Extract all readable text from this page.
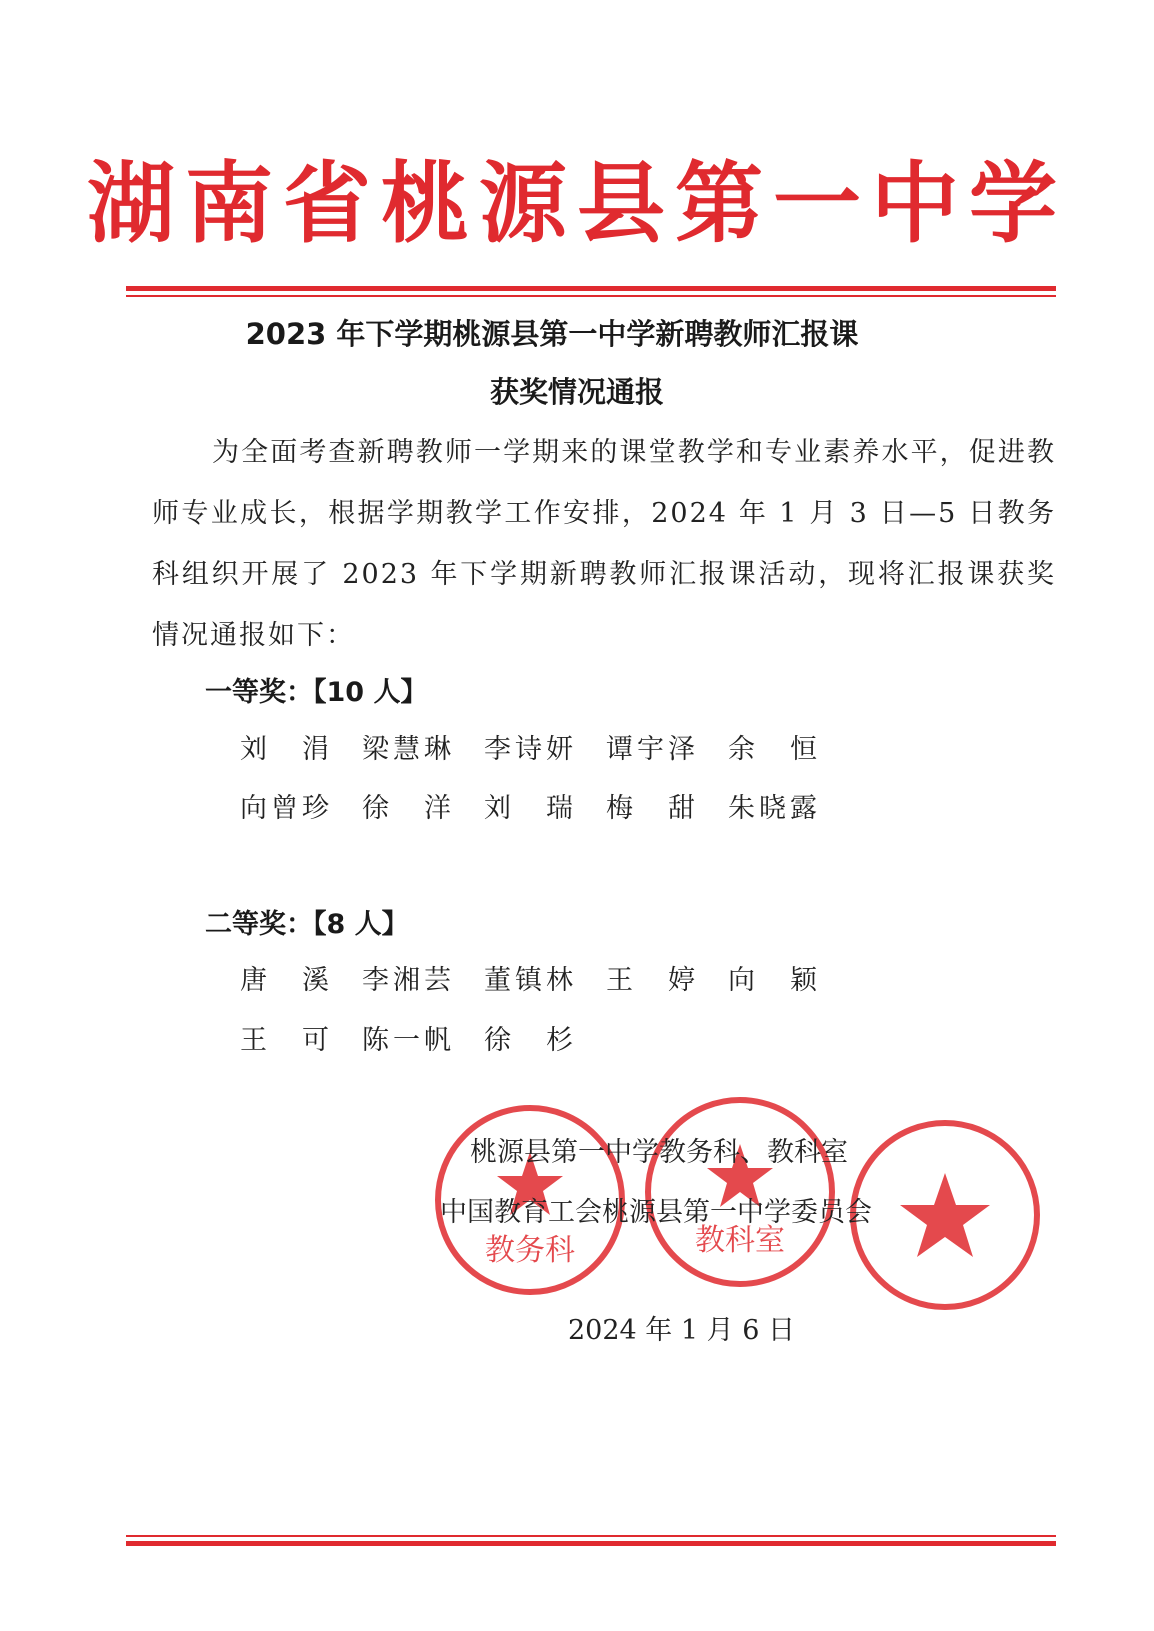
湖南省桃源县第一中学
2023 年下学期桃源县第一中学新聘教师汇报课
获奖情况通报

为全面考查新聘教师一学期来的课堂教学和专业素养水平，促进教师专业成长，根据学期教学工作安排，2024 年 1 月 3 日—5 日教务科组织开展了 2023 年下学期新聘教师汇报课活动，现将汇报课获奖情况通报如下：

一等奖：【10 人】
刘　涓	梁慧琳	李诗妍	谭宇泽	余　恒
向曾珍	徐　洋	刘　瑞	梅　甜	朱晓露
二等奖：【8 人】
唐　溪	李湘芸	董镇林	王　婷	向　颖
王　可	陈一帆	徐　杉
教务科	教科室
桃源县第一中学教务科、教科室
中国教育工会桃源县第一中学委员会
2024 年 1 月 6 日
